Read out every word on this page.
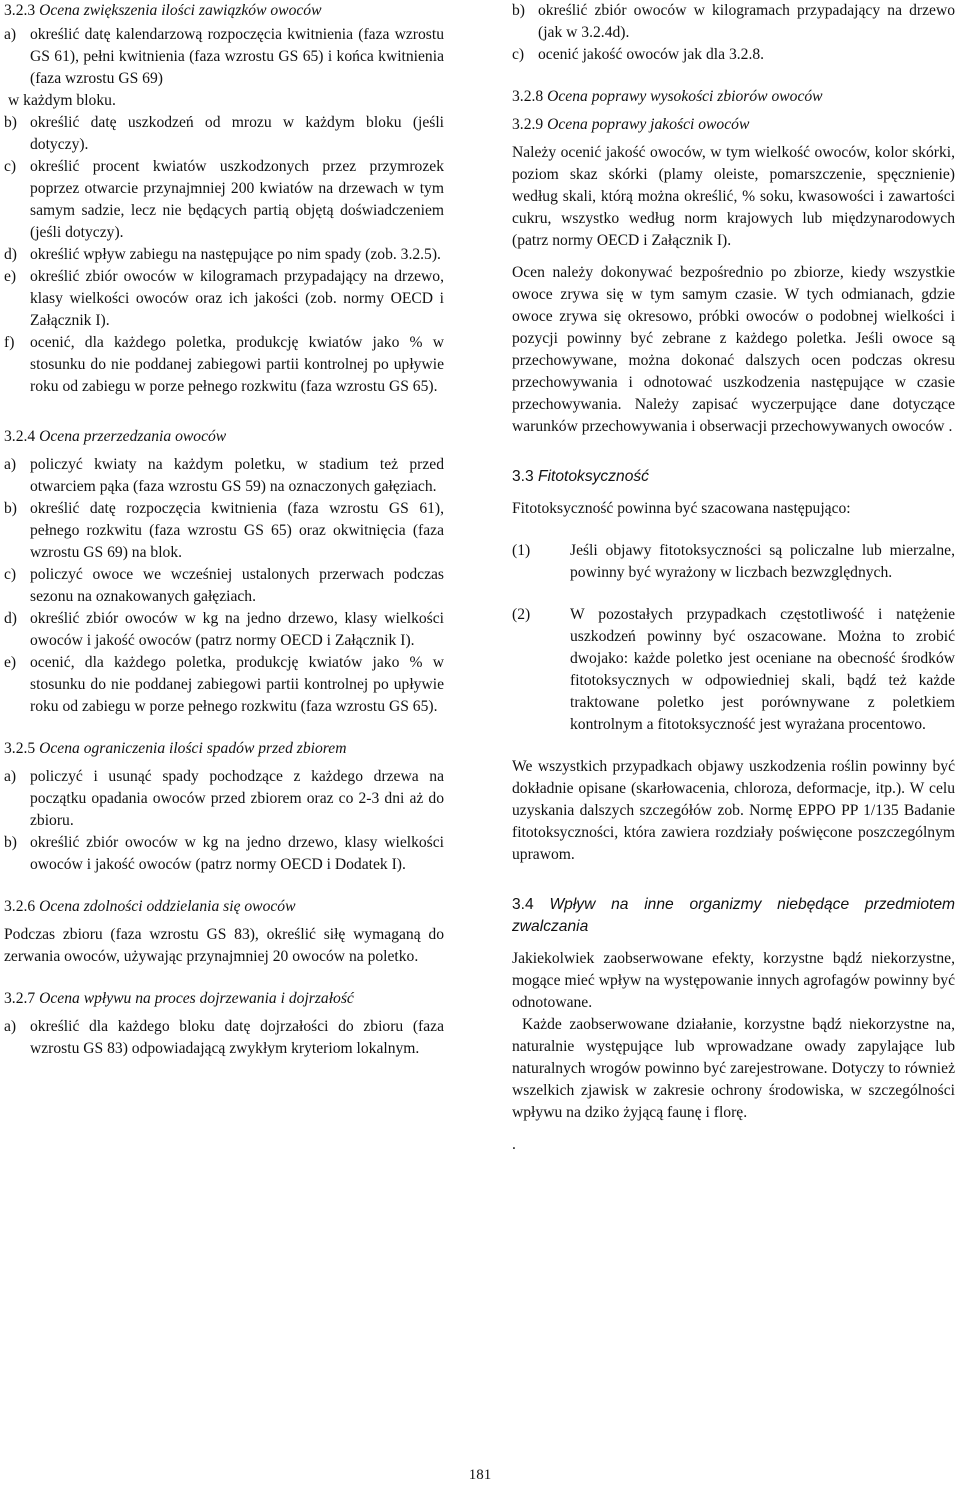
3.2.3 Ocena zwiększenia ilości zawiązków owoców

a) określić datę kalendarzową rozpoczęcia kwitnienia (faza wzrostu GS 61), pełni kwitnienia (faza wzrostu GS 65) i końca kwitnienia (faza wzrostu GS 69)
w każdym bloku.
b) określić datę uszkodzeń od mrozu w każdym bloku (jeśli dotyczy).
c) określić procent kwiatów uszkodzonych przez przymrozek poprzez otwarcie przynajmniej 200 kwiatów na drzewach w tym samym sadzie, lecz nie będących partią objętą doświadczeniem (jeśli dotyczy).
d) określić wpływ zabiegu na następujące po nim spady (zob. 3.2.5).
e) określić zbiór owoców w kilogramach przypadający na drzewo, klasy wielkości owoców oraz ich jakości (zob. normy OECD i Załącznik I).
f)	ocenić, dla każdego poletka, produkcję kwiatów jako % w stosunku do nie poddanej zabiegowi partii kontrolnej po upływie roku od zabiegu w porze pełnego rozkwitu (faza wzrostu GS 65).

3.2.4 Ocena przerzedzania owoców

a) policzyć kwiaty na każdym poletku, w stadium też przed otwarciem pąka (faza wzrostu GS 59) na oznaczonych gałęziach.
b) określić datę rozpoczęcia kwitnienia (faza wzrostu GS 61), pełnego rozkwitu (faza wzrostu GS 65) oraz okwitnięcia (faza wzrostu GS 69) na blok.
c) policzyć owoce we wcześniej ustalonych przerwach podczas sezonu na oznakowanych gałęziach.
d) określić zbiór owoców w kg na jedno drzewo, klasy wielkości owoców i jakość owoców (patrz normy OECD i Załącznik I).
e) ocenić, dla każdego poletka, produkcję kwiatów jako % w stosunku do nie poddanej zabiegowi partii kontrolnej po upływie roku od zabiegu w porze pełnego rozkwitu (faza wzrostu GS 65).

3.2.5 Ocena ograniczenia ilości spadów przed zbiorem

a) policzyć i usunąć spady pochodzące z każdego drzewa na początku opadania owoców przed zbiorem oraz co 2-3 dni aż do zbioru.
b) określić zbiór owoców w kg na jedno drzewo, klasy wielkości owoców i jakość owoców (patrz normy OECD i Dodatek I).

3.2.6 Ocena zdolności oddzielania się owoców

Podczas zbioru (faza wzrostu GS 83), określić siłę wymaganą do zerwania owoców, używając przynajmniej 20 owoców na poletko.

3.2.7 Ocena wpływu na proces dojrzewania i dojrzałość

a) określić dla każdego bloku datę dojrzałości do zbioru (faza wzrostu GS 83) odpowiadającą zwykłym kryteriom lokalnym.
b) określić zbiór owoców w kilogramach przypadający na drzewo (jak w 3.2.4d).
c) ocenić jakość owoców jak dla 3.2.8.

3.2.8 Ocena poprawy wysokości zbiorów owoców

3.2.9 Ocena poprawy jakości owoców

Należy ocenić jakość owoców, w tym wielkość owoców, kolor skórki, poziom skaz skórki (plamy oleiste, pomarszczenie, spęcznienie) według skali, którą można określić, % soku, kwasowości i zawartości cukru, wszystko według norm krajowych lub międzynarodowych (patrz normy OECD i Załącznik I).

Ocen należy dokonywać bezpośrednio po zbiorze, kiedy wszystkie owoce zrywa się w tym samym czasie. W tych odmianach, gdzie owoce zrywa się okresowo, próbki owoców o podobnej wielkości i pozycji powinny być zebrane z każdego poletka. Jeśli owoce są przechowywane, można dokonać dalszych ocen podczas okresu przechowywania i odnotować uszkodzenia następujące w czasie przechowywania. Należy zapisać wyczerpujące dane dotyczące warunków przechowywania i obserwacji przechowywanych owoców .

3.3 Fitotoksyczność

Fitotoksyczność powinna być szacowana następująco:

(1)	Jeśli objawy fitotoksyczności są policzalne lub mierzalne, powinny być wyrażony w liczbach bezwzględnych.
(2)	W pozostałych przypadkach częstotliwość i natężenie uszkodzeń powinny być oszacowane. Można to zrobić dwojako: każde poletko jest oceniane na obecność środków fitotoksycznych w odpowiedniej skali, bądź też każde traktowane poletko jest porównywane z poletkiem kontrolnym a fitotoksyczność jest wyrażana procentowo.

We wszystkich przypadkach objawy uszkodzenia roślin powinny być dokładnie opisane (skarłowacenia, chloroza, deformacje, itp.). W celu uzyskania dalszych szczegółów zob. Normę EPPO PP 1/135 Badanie fitotoksyczności, która zawiera rozdziały poświęcone poszczególnym uprawom.

3.4 Wpływ na inne organizmy niebędące przedmiotem zwalczania

Jakiekolwiek zaobserwowane efekty, korzystne bądź niekorzystne, mogące mieć wpływ na występowanie innych agrofagów powinny być odnotowane.

Każde zaobserwowane działanie, korzystne bądź niekorzystne na, naturalnie występujące lub wprowadzane owady zapylające lub naturalnych wrogów powinno być zarejestrowane. Dotyczy to również wszelkich zjawisk w zakresie ochrony środowiska, w szczególności wpływu na dziko żyjącą faunę i florę.

.

181
